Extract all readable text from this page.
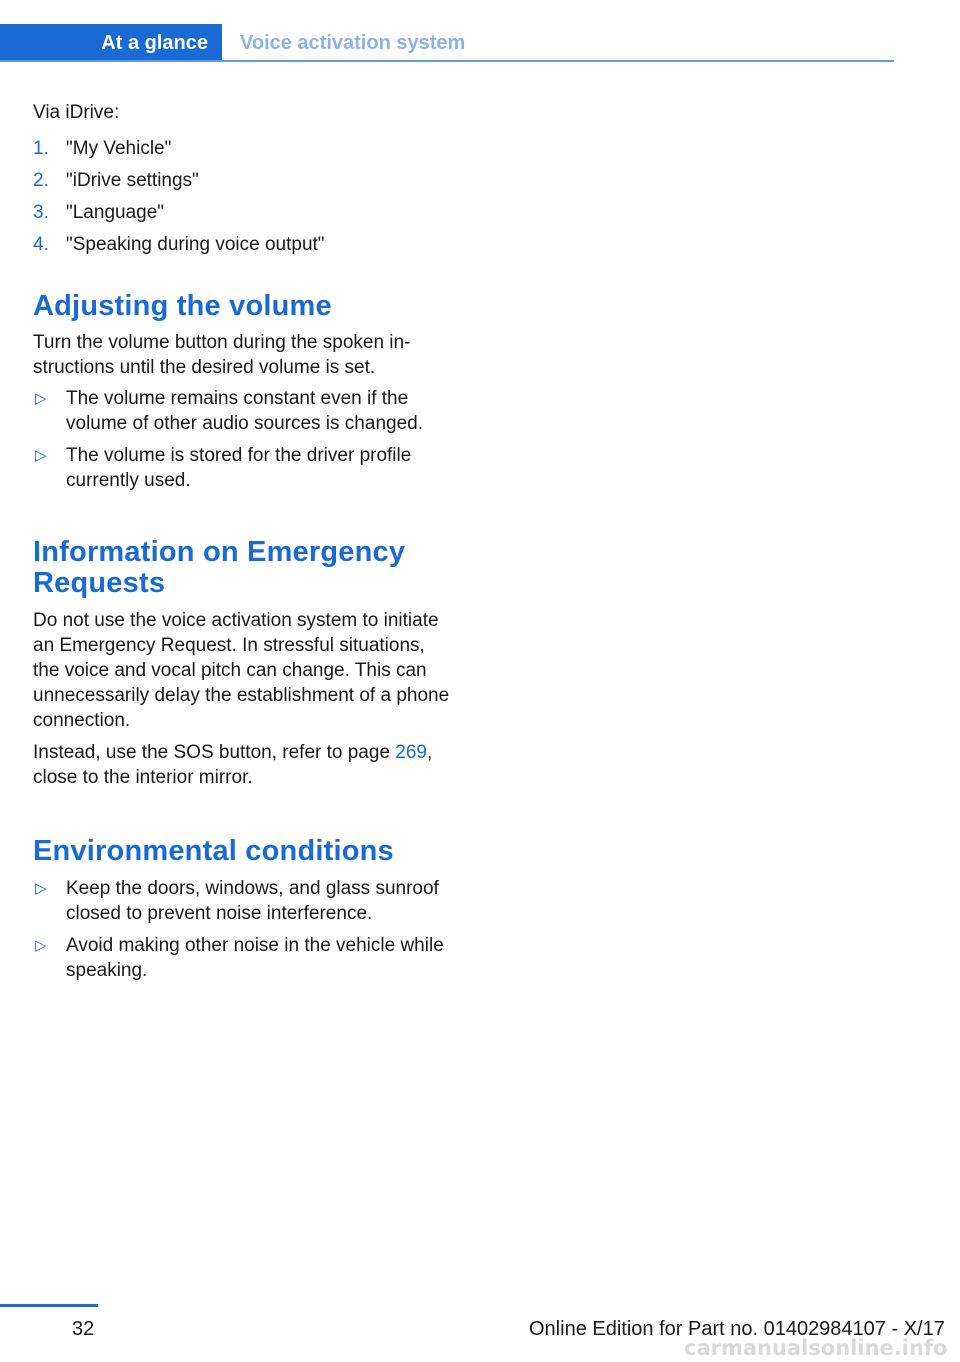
At a glance	Voice activation system

Via iDrive:

1. "My Vehicle"
2. "iDrive settings"
3. "Language"
4. "Speaking during voice output"
Adjusting the volume

Turn the volume button during the spoken instructions until the desired volume is set.

▷ The volume remains constant even if the volume of other audio sources is changed.
▷ The volume is stored for the driver profile currently used.
Information on Emergency Requests

Do not use the voice activation system to initiate an Emergency Request. In stressful situations, the voice and vocal pitch can change. This can unnecessarily delay the establishment of a phone connection.

Instead, use the SOS button, refer to page 269, close to the interior mirror.

Environmental conditions
▷ Keep the doors, windows, and glass sunroof closed to prevent noise interference.
▷ Avoid making other noise in the vehicle while speaking.
32	Online Edition for Part no. 01402984107 - X/17
carmanualsonline.info
